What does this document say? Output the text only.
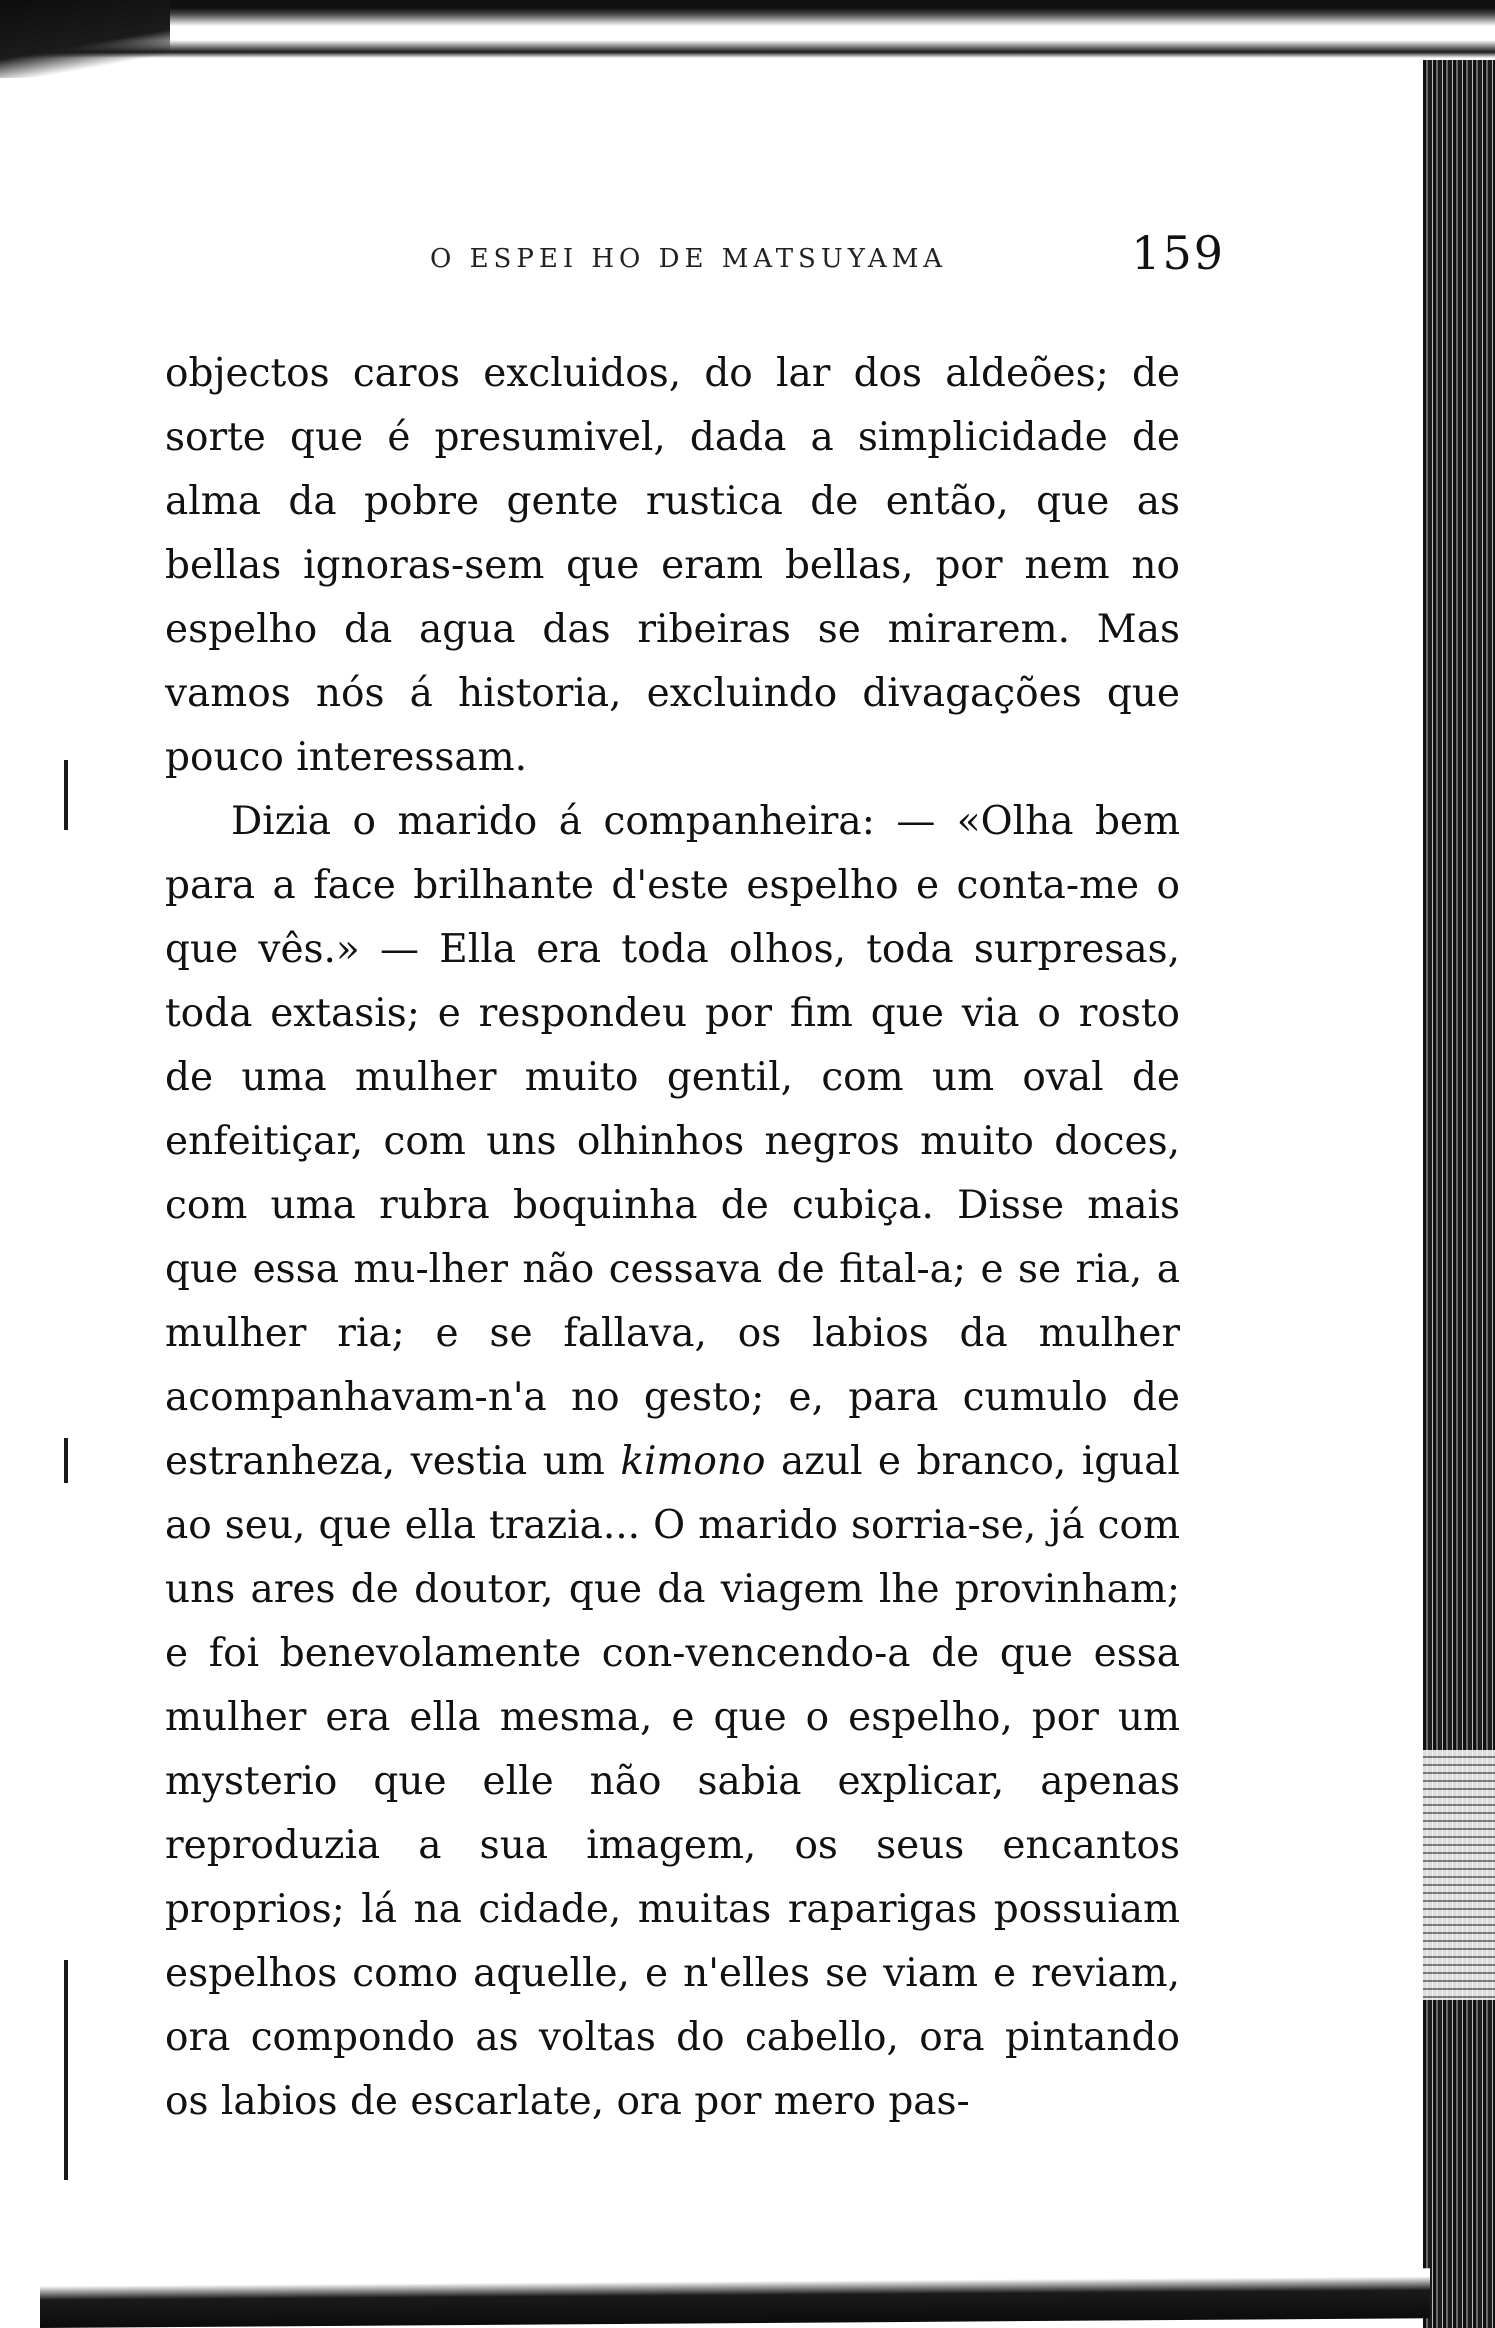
O ESPEI HO DE MATSUYAMA	159

objectos caros excluidos, do lar dos aldeões; de sorte que é presumivel, dada a simplicidade de alma da pobre gente rustica de então, que as bellas ignoras-sem que eram bellas, por nem no espelho da agua das ribeiras se mirarem. Mas vamos nós á historia, excluindo divagações que pouco interessam.

Dizia o marido á companheira: — «Olha bem para a face brilhante d'este espelho e conta-me o que vês.» — Ella era toda olhos, toda surpresas, toda extasis; e respondeu por fim que via o rosto de uma mulher muito gentil, com um oval de enfeitiçar, com uns olhinhos negros muito doces, com uma rubra boquinha de cubiça. Disse mais que essa mu-lher não cessava de fital-a; e se ria, a mulher ria; e se fallava, os labios da mulher acompanhavam-n'a no gesto; e, para cumulo de estranheza, vestia um kimono azul e branco, igual ao seu, que ella trazia... O marido sorria-se, já com uns ares de doutor, que da viagem lhe provinham; e foi benevolamente con-vencendo-a de que essa mulher era ella mesma, e que o espelho, por um mysterio que elle não sabia explicar, apenas reproduzia a sua imagem, os seus encantos proprios; lá na cidade, muitas raparigas possuiam espelhos como aquelle, e n'elles se viam e reviam, ora compondo as voltas do cabello, ora pintando os labios de escarlate, ora por mero pas-
